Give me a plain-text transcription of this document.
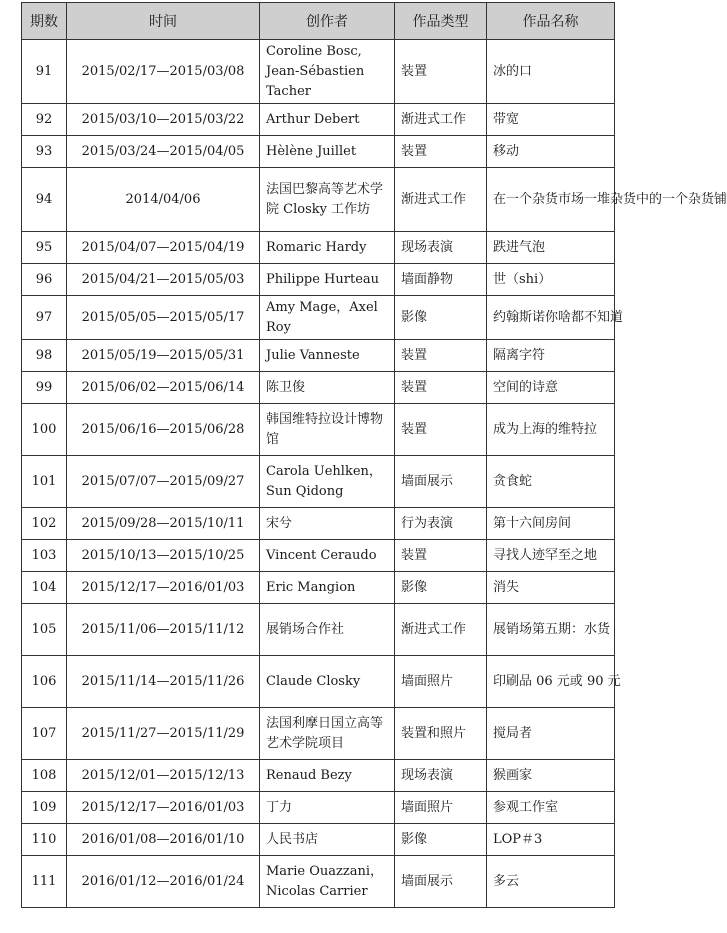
期数	时间	创作者	作品类型	作品名称
91	2015/02/17—2015/03/08	Coroline Bosc, Jean-Sébastien Tacher	装置	冰的口
92	2015/03/10—2015/03/22	Arthur Debert	渐进式工作	带宽
93	2015/03/24—2015/04/05	Hèlène Juillet	装置	移动
94	2014/04/06	法国巴黎高等艺术学院 Closky 工作坊	渐进式工作	在一个杂货市场一堆杂货中的一个杂货铺
95	2015/04/07—2015/04/19	Romaric Hardy	现场表演	跌进气泡
96	2015/04/21—2015/05/03	Philippe Hurteau	墙面静物	世（shi）
97	2015/05/05—2015/05/17	Amy Mage，Axel Roy	影像	约翰斯诺你啥都不知道
98	2015/05/19—2015/05/31	Julie Vanneste	装置	隔离字符
99	2015/06/02—2015/06/14	陈卫俊	装置	空间的诗意
100	2015/06/16—2015/06/28	韩国维特拉设计博物馆	装置	成为上海的维特拉
101	2015/07/07—2015/09/27	Carola Uehlken，Sun Qidong	墙面展示	贪食蛇
102	2015/09/28—2015/10/11	宋兮	行为表演	第十六间房间
103	2015/10/13—2015/10/25	Vincent Ceraudo	装置	寻找人迹罕至之地
104	2015/12/17—2016/01/03	Eric Mangion	影像	消失
105	2015/11/06—2015/11/12	展销场合作社	渐进式工作	展销场第五期：水货
106	2015/11/14—2015/11/26	Claude Closky	墙面照片	印刷品 06 元或 90 元
107	2015/11/27—2015/11/29	法国利摩日国立高等艺术学院项目	装置和照片	搅局者
108	2015/12/01—2015/12/13	Renaud Bezy	现场表演	猴画家
109	2015/12/17—2016/01/03	丁力	墙面照片	参观工作室
110	2016/01/08—2016/01/10	人民书店	影像	LOP＃3
111	2016/01/12—2016/01/24	Marie Ouazzani，Nicolas Carrier	墙面展示	多云
